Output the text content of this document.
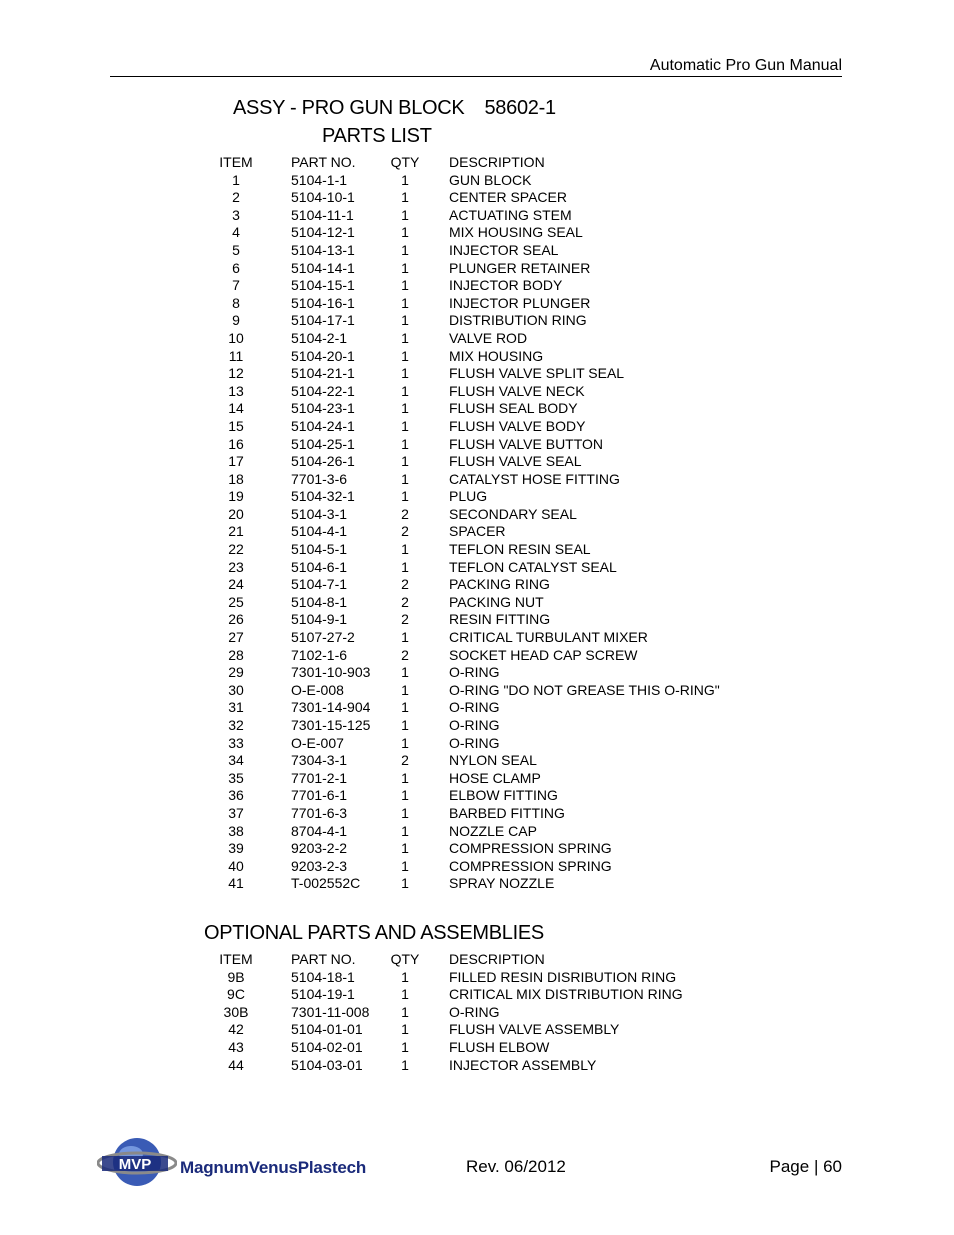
Automatic Pro Gun Manual
ASSY - PRO GUN BLOCK 58602-1
PARTS LIST
ITEM	PART NO.	QTY DESCRIPTION
1	5104-1-1	1	GUN BLOCK
2	5104-10-1	1	CENTER SPACER
3	5104-11-1	1	ACTUATING STEM
4	5104-12-1	1	MIX HOUSING SEAL
5	5104-13-1	1	INJECTOR SEAL
6	5104-14-1	1	PLUNGER RETAINER
7	5104-15-1	1	INJECTOR BODY
8	5104-16-1	1	INJECTOR PLUNGER
9	5104-17-1	1	DISTRIBUTION RING
10	5104-2-1	1	VALVE ROD
11	5104-20-1	1	MIX HOUSING
12	5104-21-1	1	FLUSH VALVE SPLIT SEAL
13	5104-22-1	1	FLUSH VALVE NECK
14	5104-23-1	1	FLUSH SEAL BODY
15	5104-24-1	1	FLUSH VALVE BODY
16	5104-25-1	1	FLUSH VALVE BUTTON
17	5104-26-1	1	FLUSH VALVE SEAL
18	7701-3-6	1	CATALYST HOSE FITTING
19	5104-32-1	1	PLUG
20	5104-3-1	2	SECONDARY SEAL
21	5104-4-1	2	SPACER
22	5104-5-1	1	TEFLON RESIN SEAL
23	5104-6-1	1	TEFLON CATALYST SEAL
24	5104-7-1	2	PACKING RING
25	5104-8-1	2	PACKING NUT
26	5104-9-1	2	RESIN FITTING
27	5107-27-2	1	CRITICAL TURBULANT MIXER
28	7102-1-6	2	SOCKET HEAD CAP SCREW
29	7301-10-903	1	O-RING
30	O-E-008	1	O-RING "DO NOT GREASE THIS O-RING"
31	7301-14-904	1	O-RING
32	7301-15-125	1	O-RING
33	O-E-007	1	O-RING
34	7304-3-1	2	NYLON SEAL
35	7701-2-1	1	HOSE CLAMP
36	7701-6-1	1	ELBOW FITTING
37	7701-6-3	1	BARBED FITTING
38	8704-4-1	1	NOZZLE CAP
39	9203-2-2	1	COMPRESSION SPRING
40	9203-2-3	1	COMPRESSION SPRING
41	T-002552C	1	SPRAY NOZZLE
OPTIONAL PARTS AND ASSEMBLIES
ITEM	PART NO.	QTY DESCRIPTION
9B	5104-18-1	1	FILLED RESIN DISRIBUTION RING
9C	5104-19-1	1	CRITICAL MIX DISTRIBUTION RING
30B	7301-11-008	1	O-RING
42	5104-01-01	1	FLUSH VALVE ASSEMBLY
43	5104-02-01	1	FLUSH ELBOW
44	5104-03-01	1	INJECTOR ASSEMBLY
MVP MagnumVenusPlastech	Rev. 06/2012	Page | 60
